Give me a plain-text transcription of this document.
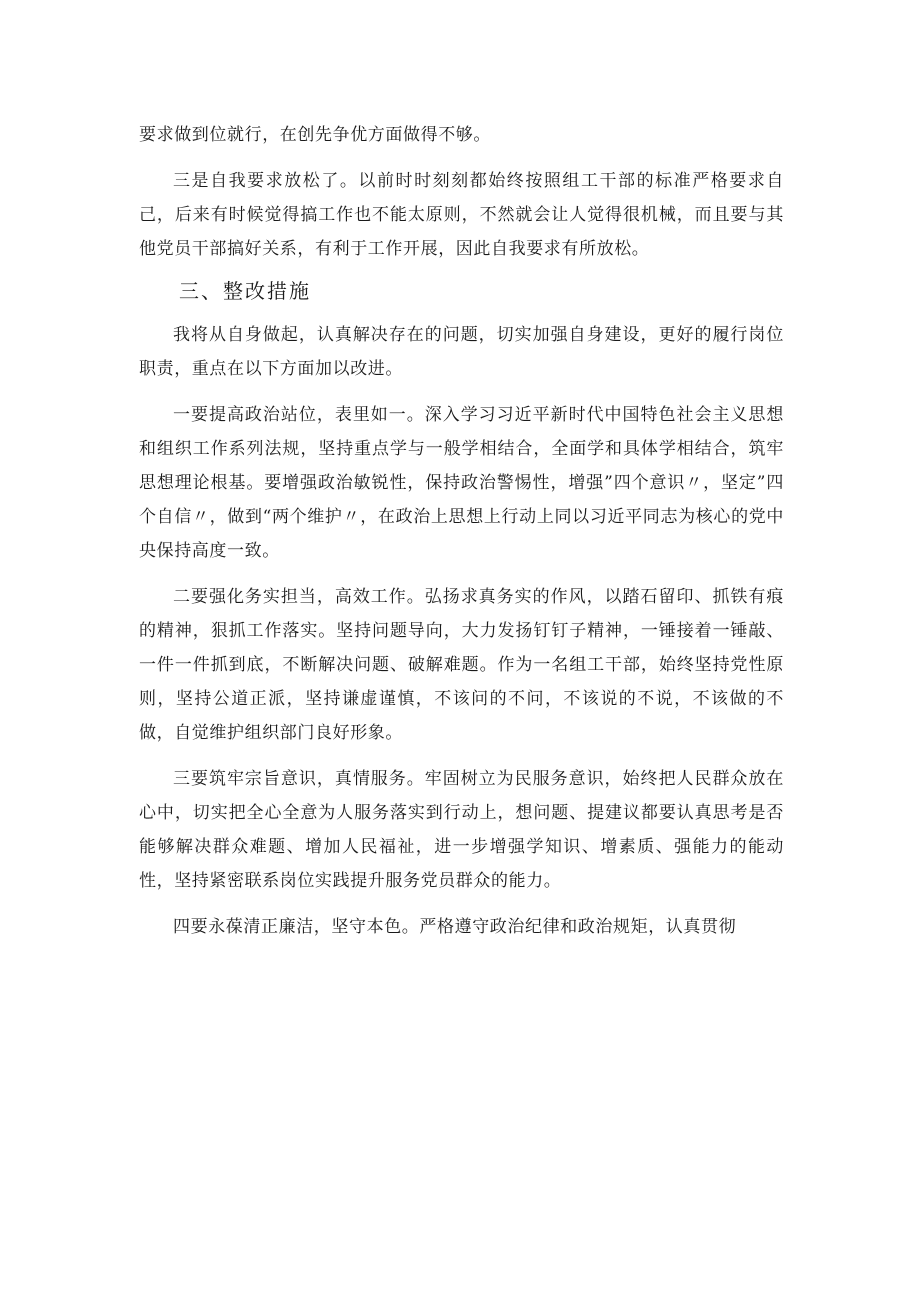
要求做到位就行，在创先争优方面做得不够。

三是自我要求放松了。以前时时刻刻都始终按照组工干部的标准严格要求自己，后来有时候觉得搞工作也不能太原则，不然就会让人觉得很机械，而且要与其他党员干部搞好关系，有利于工作开展，因此自我要求有所放松。

三、整改措施

我将从自身做起，认真解决存在的问题，切实加强自身建设，更好的履行岗位职责，重点在以下方面加以改进。

一要提高政治站位，表里如一。深入学习习近平新时代中国特色社会主义思想和组织工作系列法规，坚持重点学与一般学相结合，全面学和具体学相结合，筑牢思想理论根基。要增强政治敏锐性，保持政治警惕性，增强”四个意识〃，坚定”四个自信〃，做到“两个维护〃，在政治上思想上行动上同以习近平同志为核心的党中央保持高度一致。

二要强化务实担当，高效工作。弘扬求真务实的作风，以踏石留印、抓铁有痕的精神，狠抓工作落实。坚持问题导向，大力发扬钉钉子精神，一锤接着一锤敲、一件一件抓到底，不断解决问题、破解难题。作为一名组工干部，始终坚持党性原则，坚持公道正派，坚持谦虚谨慎，不该问的不问，不该说的不说，不该做的不做，自觉维护组织部门良好形象。

三要筑牢宗旨意识，真情服务。牢固树立为民服务意识，始终把人民群众放在心中，切实把全心全意为人服务落实到行动上，想问题、提建议都要认真思考是否能够解决群众难题、增加人民福祉，进一步增强学知识、增素质、强能力的能动性，坚持紧密联系岗位实践提升服务党员群众的能力。

四要永葆清正廉洁，坚守本色。严格遵守政治纪律和政治规矩，认真贯彻
